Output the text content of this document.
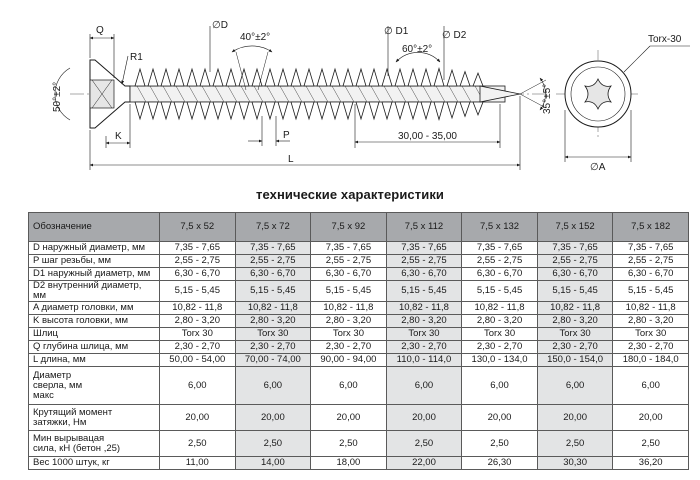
Q
R1
50°±2°
K
∅D
40°±2°
P
∅ D1	∅ D2
60°±2°
30,00 - 35,00
35°±5°
L
Torx-30
∅A
технические характеристики
Обозначение	7,5 х 52	7,5 х 72	7,5 х 92	7,5 х 112	7,5 х 132	7,5 х 152	7,5 х 182
D наружный диаметр, мм	7,35 - 7,65	7,35 - 7,65	7,35 - 7,65	7,35 - 7,65	7,35 - 7,65	7,35 - 7,65	7,35 - 7,65
P шаг резьбы, мм	2,55 - 2,75	2,55 - 2,75	2,55 - 2,75	2,55 - 2,75	2,55 - 2,75	2,55 - 2,75	2,55 - 2,75
D1 наружный диаметр, мм	6,30 - 6,70	6,30 - 6,70	6,30 - 6,70	6,30 - 6,70	6,30 - 6,70	6,30 - 6,70	6,30 - 6,70
D2 внутренний диаметр, мм	5,15 - 5,45	5,15 - 5,45	5,15 - 5,45	5,15 - 5,45	5,15 - 5,45	5,15 - 5,45	5,15 - 5,45
A диаметр головки, мм	10,82 - 11,8	10,82 - 11,8	10,82 - 11,8	10,82 - 11,8	10,82 - 11,8	10,82 - 11,8	10,82 - 11,8
K высота головки, мм	2,80 - 3,20	2,80 - 3,20	2,80 - 3,20	2,80 - 3,20	2,80 - 3,20	2,80 - 3,20	2,80 - 3,20
Шлиц	Torx 30	Torx 30	Torx 30	Torx 30	Torx 30	Torx 30	Torx 30
Q глубина шлица, мм	2,30 - 2,70	2,30 - 2,70	2,30 - 2,70	2,30 - 2,70	2,30 - 2,70	2,30 - 2,70	2,30 - 2,70
L длина, мм	50,00 - 54,00	70,00 - 74,00	90,00 - 94,00	110,0 - 114,0	130,0 - 134,0	150,0 - 154,0	180,0 - 184,0
Диаметр
сверла, мм
макс	6,00	6,00	6,00	6,00	6,00	6,00	6,00
Крутящий момент
затяжки, Нм	20,00	20,00	20,00	20,00	20,00	20,00	20,00
Мин вырывацая
сила, кН (бетон ,25)	2,50	2,50	2,50	2,50	2,50	2,50	2,50
Вес 1000 штук, кг	11,00	14,00	18,00	22,00	26,30	30,30	36,20
